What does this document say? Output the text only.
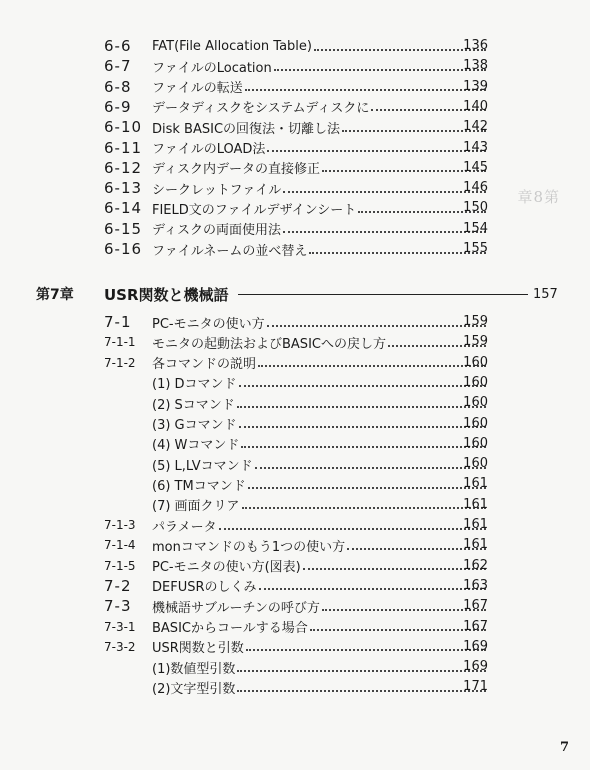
章8第
6-6 FAT(File Allocation Table)	136
6-7 ファイルのLocation	138
6-8 ファイルの転送	139
6-9 データディスクをシステムディスクに	140
6-10 Disk BASICの回復法・切離し法	142
6-11 ファイルのLOAD法	143
6-12 ディスク内データの直接修正	145
6-13 シークレットファイル	146
6-14 FIELD文のファイルデザインシート	150
6-15 ディスクの両面使用法	154
6-16 ファイルネームの並べ替え	155
第7章 USR関数と機械語	157
7-1 PC-モニタの使い方	159
7-1-1 モニタの起動法およびBASICへの戻し方	159
7-1-2 各コマンドの説明	160
(1) Dコマンド	160
(2) Sコマンド	160
(3) Gコマンド	160
(4) Wコマンド	160
(5) L,LVコマンド	160
(6) TMコマンド	161
(7) 画面クリア	161
7-1-3 パラメータ	161
7-1-4 monコマンドのもう1つの使い方	161
7-1-5 PC-モニタの使い方(図表)	162
7-2 DEFUSRのしくみ	163
7-3 機械語サブルーチンの呼び方	167
7-3-1 BASICからコールする場合	167
7-3-2 USR関数と引数	169
(1)数値型引数	169
(2)文字型引数	171
7
